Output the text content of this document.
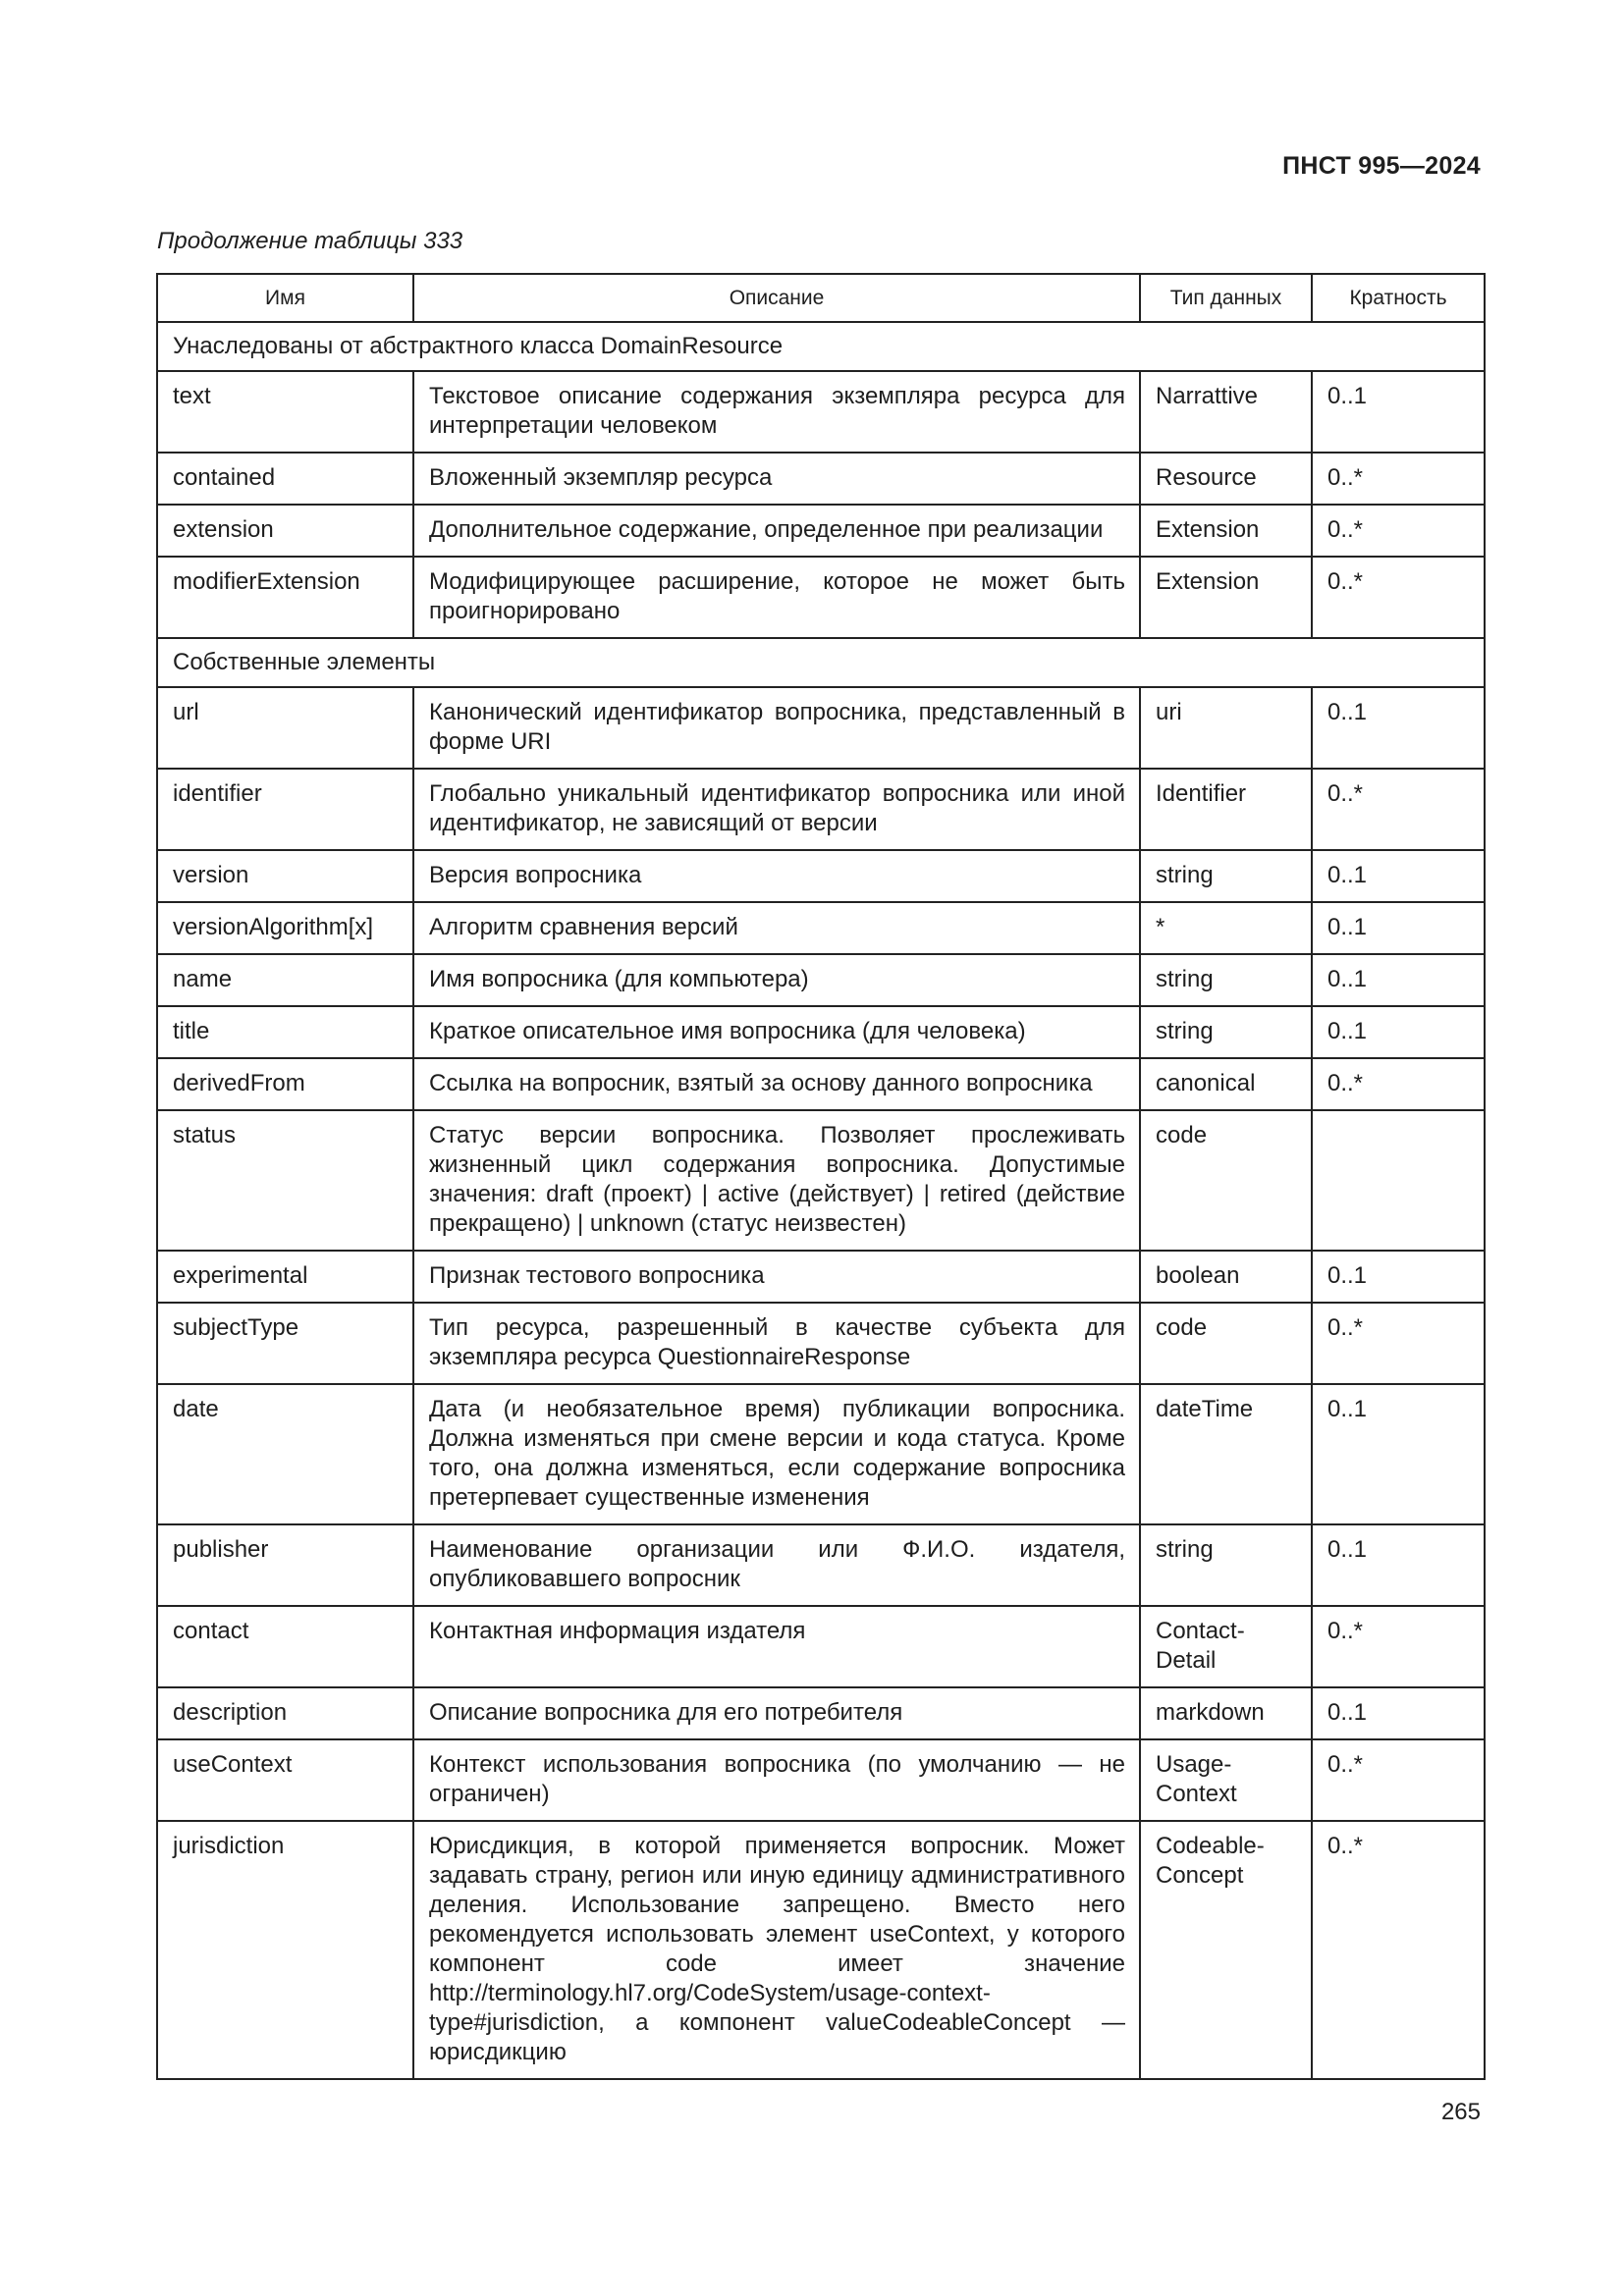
ПНСТ 995—2024
Продолжение таблицы 333
Имя	Описание	Тип данных	Кратность
Унаследованы от абстрактного класса DomainResource			
text	Текстовое описание содержания экземпляра ресурса для интерпретации человеком	Narrattive	0..1
contained	Вложенный экземпляр ресурса	Resource	0..*
extension	Дополнительное содержание, определенное при реализации	Extension	0..*
modifierExtension	Модифицирующее расширение, которое не может быть проигнорировано	Extension	0..*
Собственные элементы			
url	Канонический идентификатор вопросника, представленный в форме URI	uri	0..1
identifier	Глобально уникальный идентификатор вопросника или иной идентификатор, не зависящий от версии	Identifier	0..*
version	Версия вопросника	string	0..1
versionAlgorithm[x]	Алгоритм сравнения версий	*	0..1
name	Имя вопросника (для компьютера)	string	0..1
title	Краткое описательное имя вопросника (для человека)	string	0..1
derivedFrom	Ссылка на вопросник, взятый за основу данного вопросника	canonical	0..*
status	Статус версии вопросника. Позволяет прослеживать жизненный цикл содержания вопросника. Допустимые значения: draft (проект) | active (действует) | retired (действие прекращено) | unknown (статус неизвестен)	code	
experimental	Признак тестового вопросника	boolean	0..1
subjectType	Тип ресурса, разрешенный в качестве субъекта для экземпляра ресурса QuestionnaireResponse	code	0..*
date	Дата (и необязательное время) публикации вопросника. Должна изменяться при смене версии и кода статуса. Кроме того, она должна изменяться, если содержание вопросника претерпевает существенные изменения	dateTime	0..1
publisher	Наименование организации или Ф.И.О. издателя, опубликовавшего вопросник	string	0..1
contact	Контактная информация издателя	Contact-Detail	0..*
description	Описание вопросника для его потребителя	markdown	0..1
useContext	Контекст использования вопросника (по умолчанию — не ограничен)	Usage-Context	0..*
jurisdiction	Юрисдикция, в которой применяется вопросник. Может задавать страну, регион или иную единицу административного деления. Использование запрещено. Вместо него рекомендуется использовать элемент useContext, у которого компонент code имеет значение http://terminology.hl7.org/CodeSystem/usage-context-type#jurisdiction, а компонент valueCodeableConcept — юрисдикцию	Codeable-Concept	0..*
265
